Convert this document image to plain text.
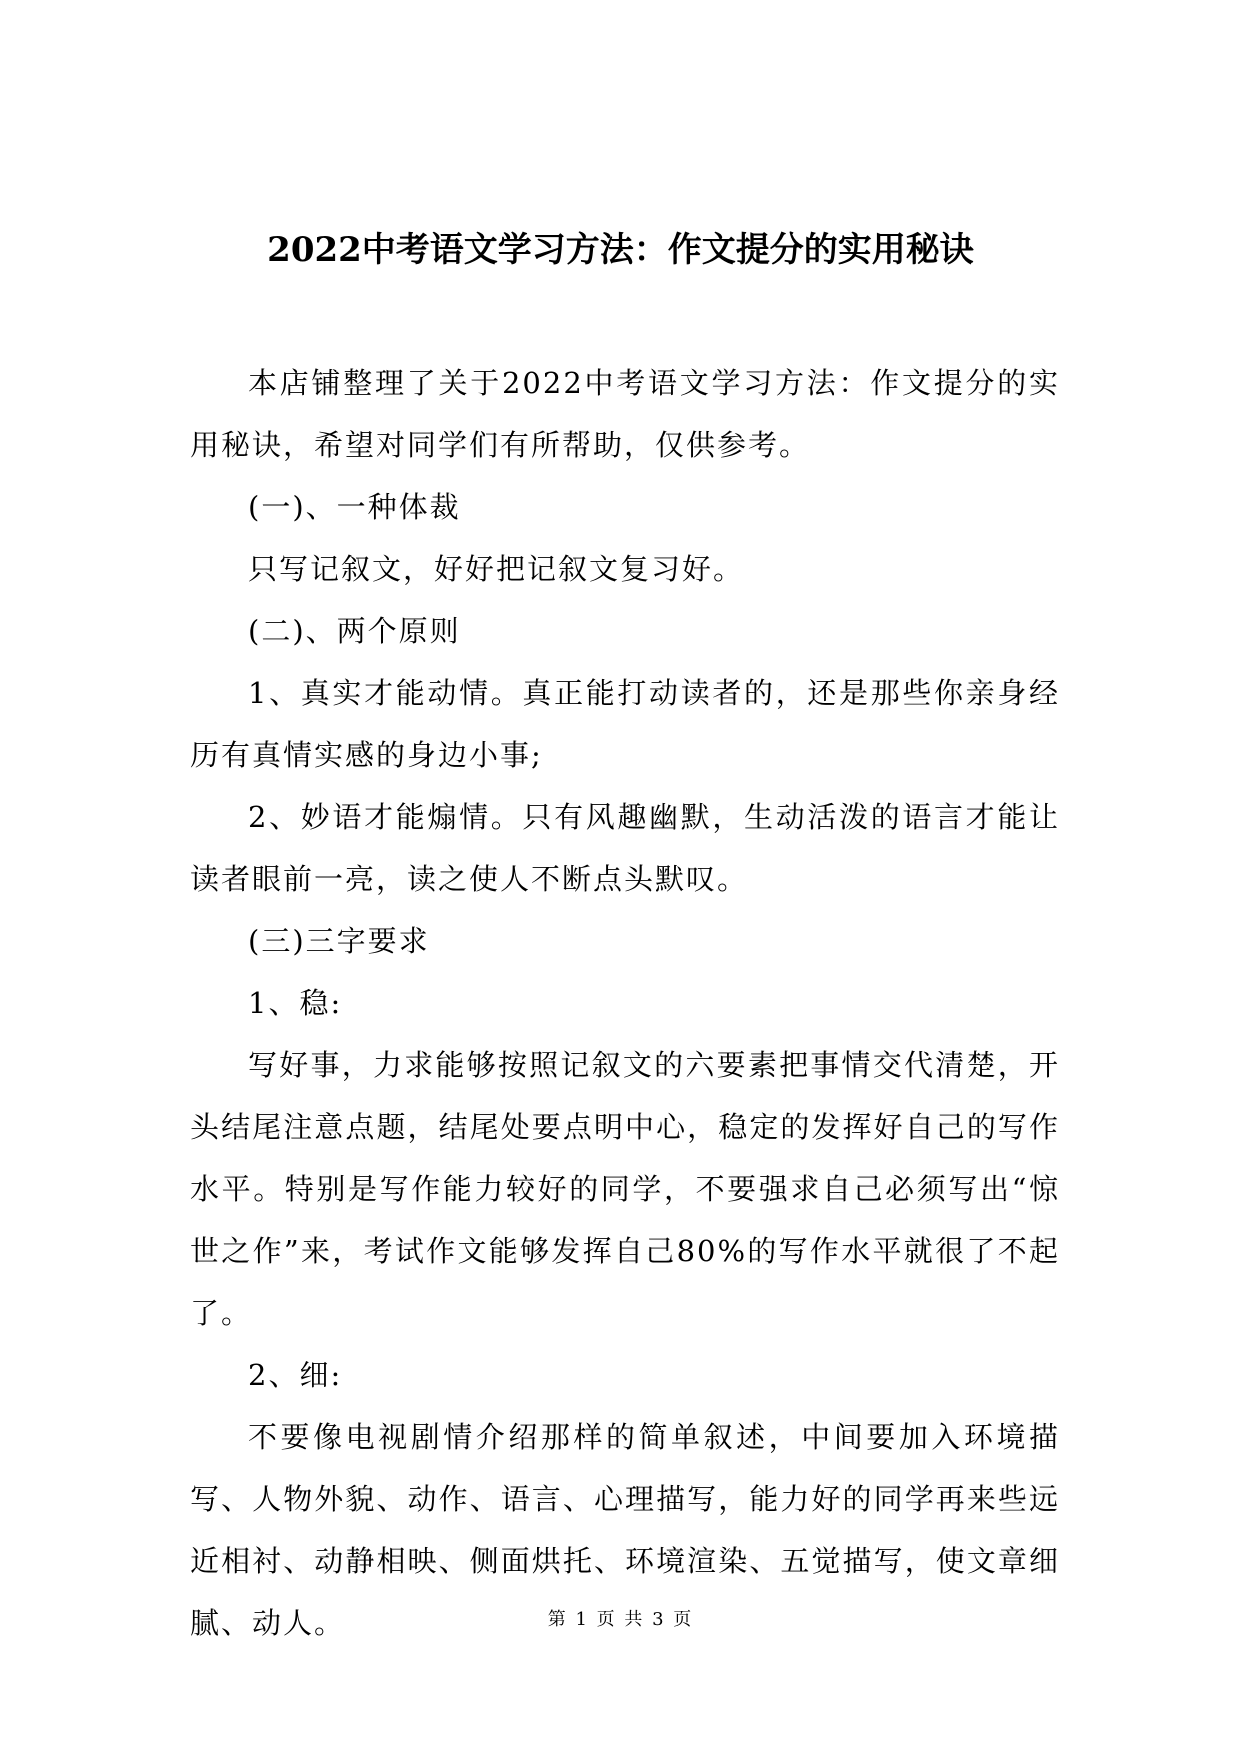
2022中考语文学习方法：作文提分的实用秘诀

本店铺整理了关于2022中考语文学习方法：作文提分的实用秘诀，希望对同学们有所帮助，仅供参考。

(一)、一种体裁

只写记叙文，好好把记叙文复习好。

(二)、两个原则

1、真实才能动情。真正能打动读者的，还是那些你亲身经历有真情实感的身边小事;

2、妙语才能煽情。只有风趣幽默，生动活泼的语言才能让读者眼前一亮，读之使人不断点头默叹。

(三)三字要求

1、稳:

写好事，力求能够按照记叙文的六要素把事情交代清楚，开头结尾注意点题，结尾处要点明中心，稳定的发挥好自己的写作水平。特别是写作能力较好的同学，不要强求自己必须写出“惊世之作”来，考试作文能够发挥自己80%的写作水平就很了不起了。

2、细:

不要像电视剧情介绍那样的简单叙述，中间要加入环境描写、人物外貌、动作、语言、心理描写，能力好的同学再来些远近相衬、动静相映、侧面烘托、环境渲染、五觉描写，使文章细腻、动人。	第 1 页 共 3 页
